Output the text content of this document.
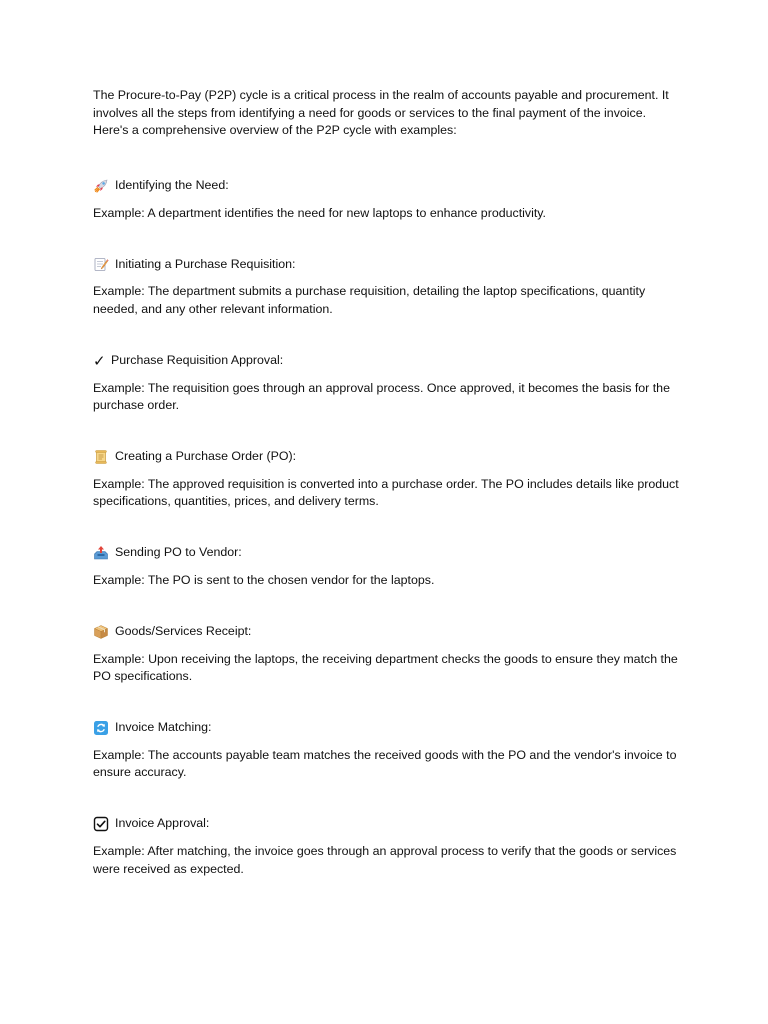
The Procure-to-Pay (P2P) cycle is a critical process in the realm of accounts payable and procurement. It involves all the steps from identifying a need for goods or services to the final payment of the invoice. Here's a comprehensive overview of the P2P cycle with examples:

Identifying the Need:

Example: A department identifies the need for new laptops to enhance productivity.

Initiating a Purchase Requisition:

Example: The department submits a purchase requisition, detailing the laptop specifications, quantity needed, and any other relevant information.

✓ Purchase Requisition Approval:

Example: The requisition goes through an approval process. Once approved, it becomes the basis for the purchase order.

Creating a Purchase Order (PO):

Example: The approved requisition is converted into a purchase order. The PO includes details like product specifications, quantities, prices, and delivery terms.

Sending PO to Vendor:

Example: The PO is sent to the chosen vendor for the laptops.

Goods/Services Receipt:

Example: Upon receiving the laptops, the receiving department checks the goods to ensure they match the PO specifications.

Invoice Matching:

Example: The accounts payable team matches the received goods with the PO and the vendor's invoice to ensure accuracy.

Invoice Approval:

Example: After matching, the invoice goes through an approval process to verify that the goods or services were received as expected.
